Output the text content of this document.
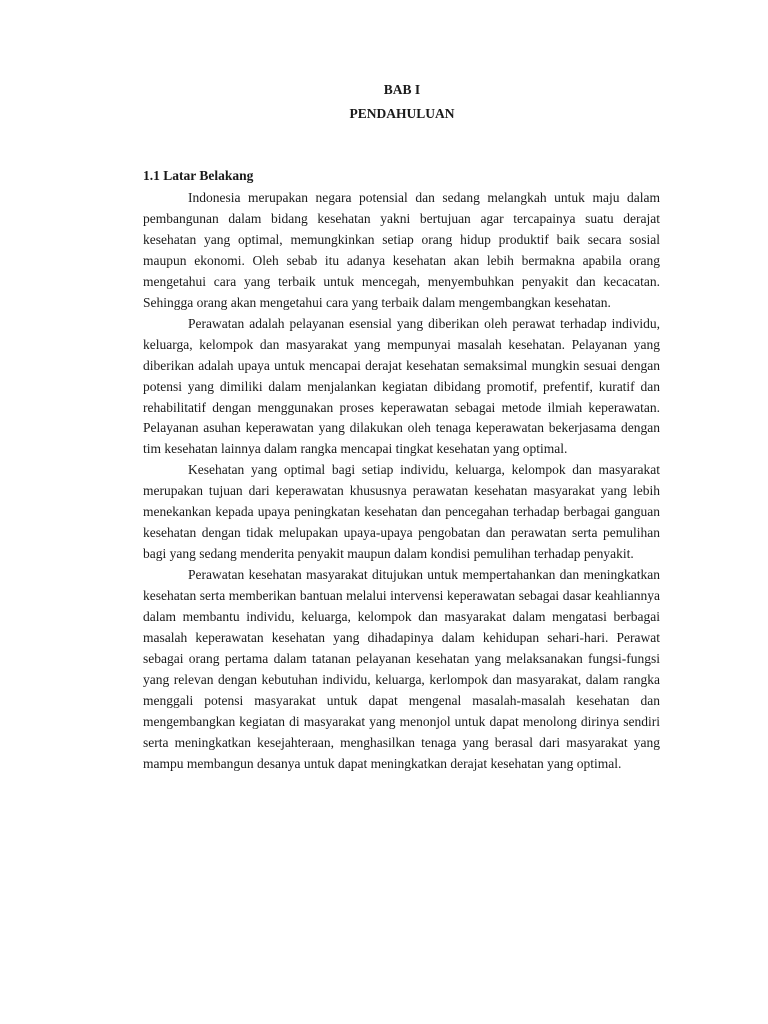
BAB I
PENDAHULUAN
1.1 Latar Belakang

Indonesia merupakan negara potensial dan sedang melangkah untuk maju dalam pembangunan dalam bidang kesehatan yakni bertujuan agar tercapainya suatu derajat kesehatan yang optimal, memungkinkan setiap orang hidup produktif baik secara sosial maupun ekonomi. Oleh sebab itu adanya kesehatan akan lebih bermakna apabila orang mengetahui cara yang terbaik untuk mencegah, menyembuhkan penyakit dan kecacatan. Sehingga orang akan mengetahui cara yang terbaik dalam mengembangkan kesehatan.

Perawatan adalah pelayanan esensial yang diberikan oleh perawat terhadap individu, keluarga, kelompok dan masyarakat yang mempunyai masalah kesehatan. Pelayanan yang diberikan adalah upaya untuk mencapai derajat kesehatan semaksimal mungkin sesuai dengan potensi yang dimiliki dalam menjalankan kegiatan dibidang promotif, prefentif, kuratif dan rehabilitatif dengan menggunakan proses keperawatan sebagai metode ilmiah keperawatan. Pelayanan asuhan keperawatan yang dilakukan oleh tenaga keperawatan bekerjasama dengan tim kesehatan lainnya dalam rangka mencapai tingkat kesehatan yang optimal.

Kesehatan yang optimal bagi setiap individu, keluarga, kelompok dan masyarakat merupakan tujuan dari keperawatan khususnya perawatan kesehatan masyarakat yang lebih menekankan kepada upaya peningkatan kesehatan dan pencegahan terhadap berbagai ganguan kesehatan dengan tidak melupakan upaya-upaya pengobatan dan perawatan serta pemulihan bagi yang sedang menderita penyakit maupun dalam kondisi pemulihan terhadap penyakit.

Perawatan kesehatan masyarakat ditujukan untuk mempertahankan dan meningkatkan kesehatan serta memberikan bantuan melalui intervensi keperawatan sebagai dasar keahliannya dalam membantu individu, keluarga, kelompok dan masyarakat dalam mengatasi berbagai masalah keperawatan kesehatan yang dihadapinya dalam kehidupan sehari-hari. Perawat sebagai orang pertama dalam tatanan pelayanan kesehatan yang melaksanakan fungsi-fungsi yang relevan dengan kebutuhan individu, keluarga, kerlompok dan masyarakat, dalam rangka menggali potensi masyarakat untuk dapat mengenal masalah-masalah kesehatan dan mengembangkan kegiatan di masyarakat yang menonjol untuk dapat menolong dirinya sendiri serta meningkatkan kesejahteraan, menghasilkan tenaga yang berasal dari masyarakat yang mampu membangun desanya untuk dapat meningkatkan derajat kesehatan yang optimal.
